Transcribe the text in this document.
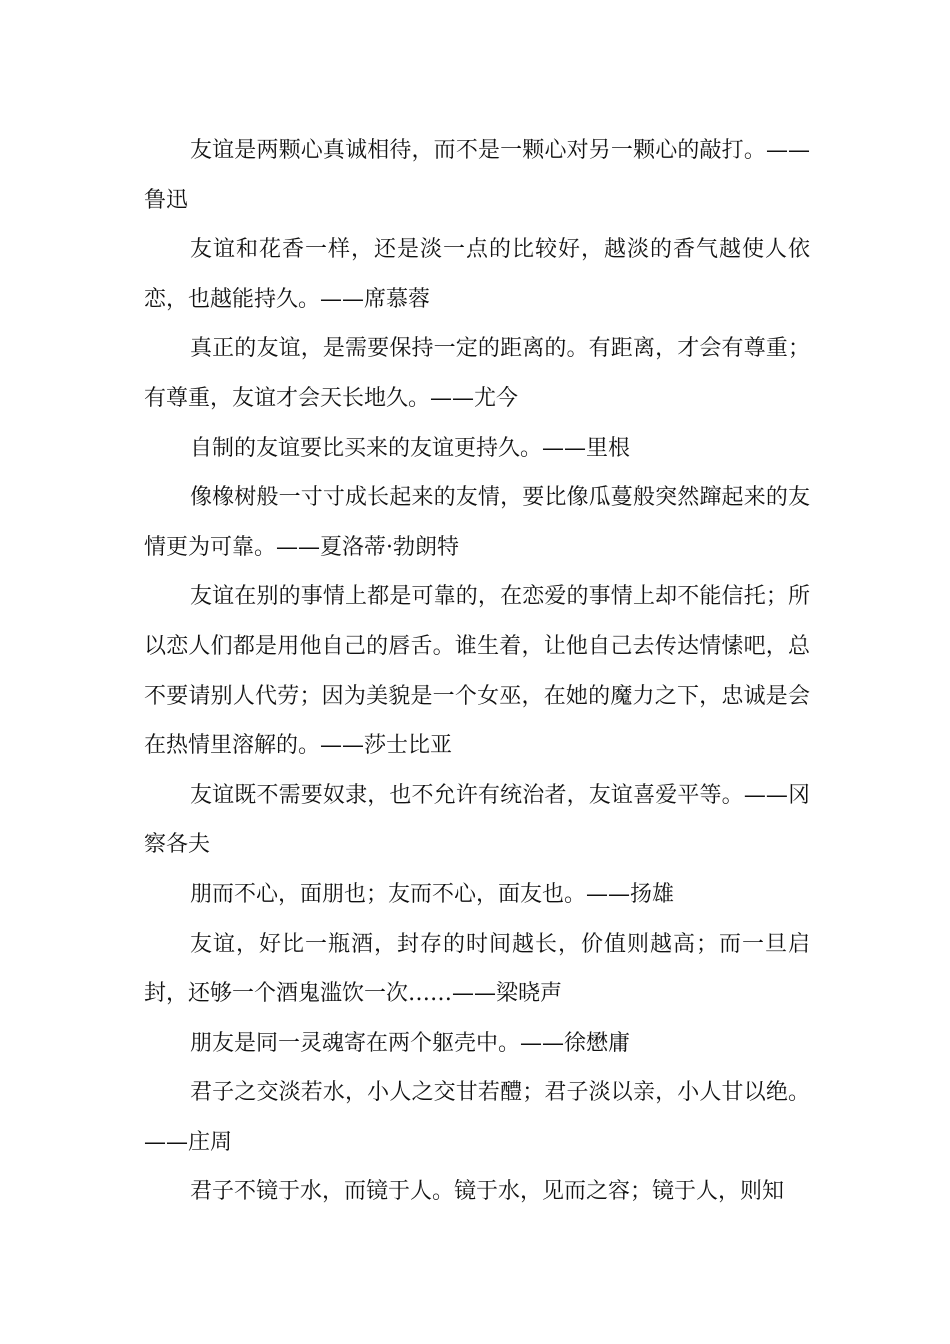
友谊是两颗心真诚相待，而不是一颗心对另一颗心的敲打。——鲁迅

友谊和花香一样，还是淡一点的比较好，越淡的香气越使人依恋，也越能持久。——席慕蓉

真正的友谊，是需要保持一定的距离的。有距离，才会有尊重；有尊重，友谊才会天长地久。——尤今

自制的友谊要比买来的友谊更持久。——里根

像橡树般一寸寸成长起来的友情，要比像瓜蔓般突然蹿起来的友情更为可靠。——夏洛蒂·勃朗特

友谊在别的事情上都是可靠的，在恋爱的事情上却不能信托；所以恋人们都是用他自己的唇舌。谁生着，让他自己去传达情愫吧，总不要请别人代劳；因为美貌是一个女巫，在她的魔力之下，忠诚是会在热情里溶解的。——莎士比亚

友谊既不需要奴隶，也不允许有统治者，友谊喜爱平等。——冈察各夫

朋而不心，面朋也；友而不心，面友也。——扬雄

友谊，好比一瓶酒，封存的时间越长，价值则越高；而一旦启封，还够一个酒鬼滥饮一次……——梁晓声

朋友是同一灵魂寄在两个躯壳中。——徐懋庸

君子之交淡若水，小人之交甘若醴；君子淡以亲，小人甘以绝。——庄周

君子不镜于水，而镜于人。镜于水，见而之容；镜于人，则知
